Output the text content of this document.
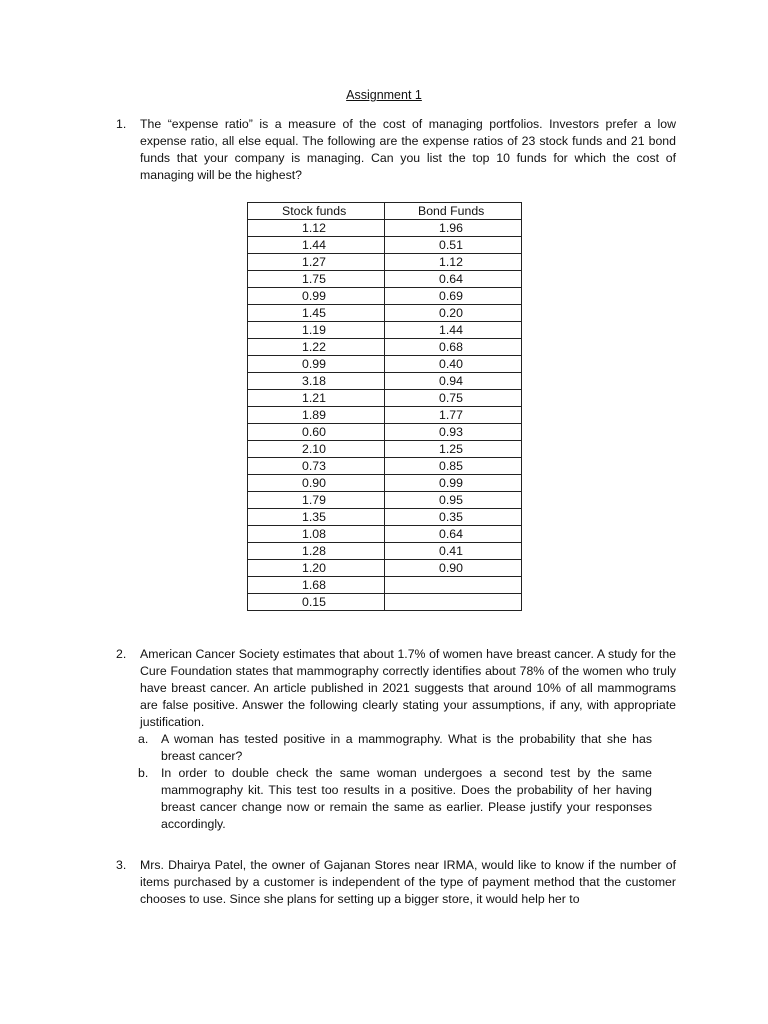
Assignment 1
1.	The “expense ratio” is a measure of the cost of managing portfolios. Investors prefer a low expense ratio, all else equal. The following are the expense ratios of 23 stock funds and 21 bond funds that your company is managing. Can you list the top 10 funds for which the cost of managing will be the highest?
Stock funds	Bond Funds
1.12	1.96
1.44	0.51
1.27	1.12
1.75	0.64
0.99	0.69
1.45	0.20
1.19	1.44
1.22	0.68
0.99	0.40
3.18	0.94
1.21	0.75
1.89	1.77
0.60	0.93
2.10	1.25
0.73	0.85
0.90	0.99
1.79	0.95
1.35	0.35
1.08	0.64
1.28	0.41
1.20	0.90
1.68	
0.15	
2.	American Cancer Society estimates that about 1.7% of women have breast cancer. A study for the Cure Foundation states that mammography correctly identifies about 78% of the women who truly have breast cancer. An article published in 2021 suggests that around 10% of all mammograms are false positive. Answer the following clearly stating your assumptions, if any, with appropriate justification.
a. A woman has tested positive in a mammography. What is the probability that she has breast cancer?
b. In order to double check the same woman undergoes a second test by the same mammography kit. This test too results in a positive. Does the probability of her having breast cancer change now or remain the same as earlier. Please justify your responses accordingly.
3.	Mrs. Dhairya Patel, the owner of Gajanan Stores near IRMA, would like to know if the number of items purchased by a customer is independent of the type of payment method that the customer chooses to use. Since she plans for setting up a bigger store, it would help her to
